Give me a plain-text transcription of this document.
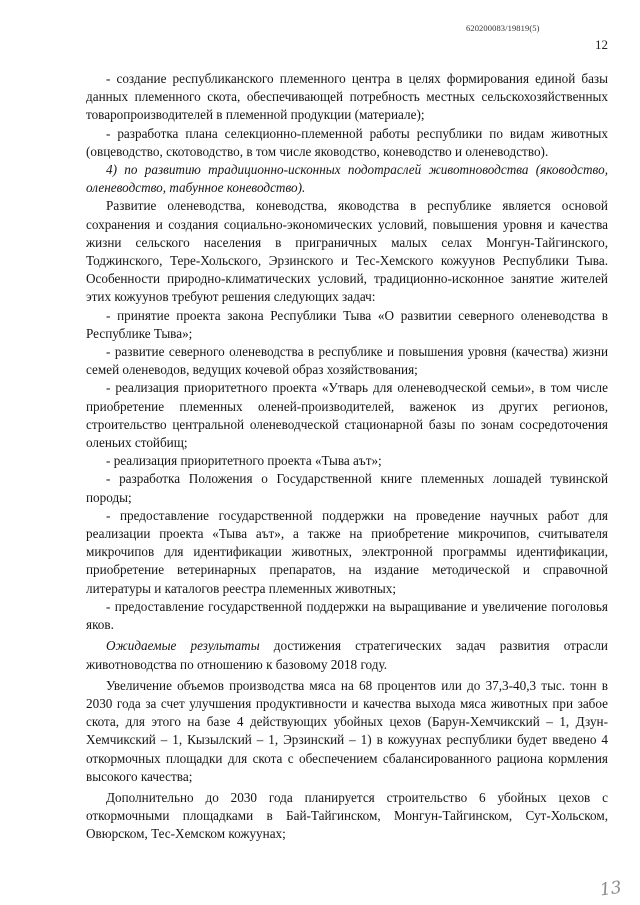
620200083/19819(5)
12

- создание республиканского племенного центра в целях формирования единой базы данных племенного скота, обеспечивающей потребность местных сельскохозяйственных товаропроизводителей в племенной продукции (материале);

- разработка плана селекционно-племенной работы республики по видам животных (овцеводство, скотоводство, в том числе яководство, коневодство и оленеводство).

4) по развитию традиционно-исконных подотраслей животноводства (яководство, оленеводство, табунное коневодство).

Развитие оленеводства, коневодства, яководства в республике является основой сохранения и создания социально-экономических условий, повышения уровня и качества жизни сельского населения в приграничных малых селах Монгун-Тайгинского, Тоджинского, Тере-Хольского, Эрзинского и Тес-Хемского кожуунов Республики Тыва. Особенности природно-климатических условий, традиционно-исконное занятие жителей этих кожуунов требуют решения следующих задач:

- принятие проекта закона Республики Тыва «О развитии северного оленеводства в Республике Тыва»;

- развитие северного оленеводства в республике и повышения уровня (качества) жизни семей оленеводов, ведущих кочевой образ хозяйствования;

- реализация приоритетного проекта «Утварь для оленеводческой семьи», в том числе приобретение племенных оленей-производителей, важенок из других регионов, строительство центральной оленеводческой стационарной базы по зонам сосредоточения оленьих стойбищ;

- реализация приоритетного проекта «Тыва аът»;

- разработка Положения о Государственной книге племенных лошадей тувинской породы;

- предоставление государственной поддержки на проведение научных работ для реализации проекта «Тыва аът», а также на приобретение микрочипов, считывателя микрочипов для идентификации животных, электронной программы идентификации, приобретение ветеринарных препаратов, на издание методической и справочной литературы и каталогов реестра племенных животных;

- предоставление государственной поддержки на выращивание и увеличение поголовья яков.

Ожидаемые результаты достижения стратегических задач развития отрасли животноводства по отношению к базовому 2018 году.

Увеличение объемов производства мяса на 68 процентов или до 37,3-40,3 тыс. тонн в 2030 года за счет улучшения продуктивности и качества выхода мяса животных при забое скота, для этого на базе 4 действующих убойных цехов (Барун-Хемчикский – 1, Дзун-Хемчикский – 1, Кызылский – 1, Эрзинский – 1) в кожуунах республики будет введено 4 откормочных площадки для скота с обеспечением сбалансированного рациона кормления высокого качества;

Дополнительно до 2030 года планируется строительство 6 убойных цехов с откормочными площадками в Бай-Тайгинском, Монгун-Тайгинском, Сут-Хольском, Овюрском, Тес-Хемском кожуунах;

13
